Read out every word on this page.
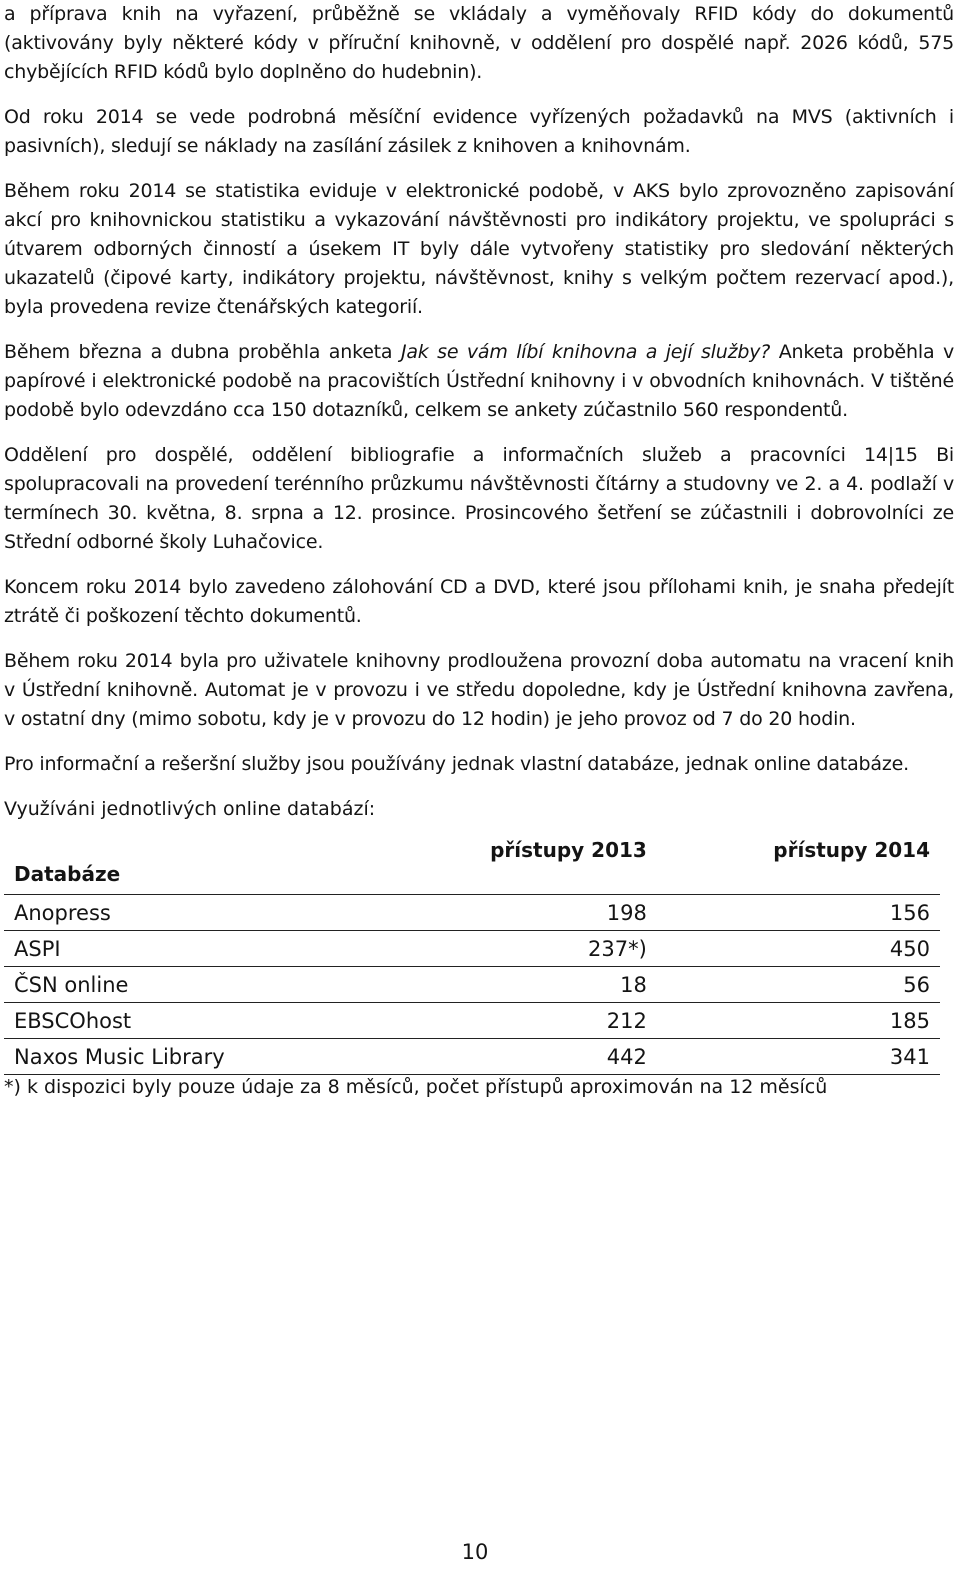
a příprava knih na vyřazení, průběžně se vkládaly a vyměňovaly RFID kódy do dokumentů (aktivovány byly některé kódy v příruční knihovně, v oddělení pro dospělé např. 2026 kódů, 575 chybějících RFID kódů bylo doplněno do hudebnin).

Od roku 2014 se vede podrobná měsíční evidence vyřízených požadavků na MVS (aktivních i pasivních), sledují se náklady na zasílání zásilek z knihoven a knihovnám.

Během roku 2014 se statistika eviduje v elektronické podobě, v AKS bylo zprovozněno zapisování akcí pro knihovnickou statistiku a vykazování návštěvnosti pro indikátory projektu, ve spolupráci s útvarem odborných činností a úsekem IT byly dále vytvořeny statistiky pro sledování některých ukazatelů (čipové karty, indikátory projektu, návštěvnost, knihy s velkým počtem rezervací apod.), byla provedena revize čtenářských kategorií.

Během března a dubna proběhla anketa Jak se vám líbí knihovna a její služby? Anketa proběhla v papírové i elektronické podobě na pracovištích Ústřední knihovny i v obvodních knihovnách. V tištěné podobě bylo odevzdáno cca 150 dotazníků, celkem se ankety zúčastnilo 560 respondentů.

Oddělení pro dospělé, oddělení bibliografie a informačních služeb a pracovníci 14|15 Bi spolupracovali na provedení terénního průzkumu návštěvnosti čítárny a studovny ve 2. a 4. podlaží v termínech 30. května, 8. srpna a 12. prosince. Prosincového šetření se zúčastnili i dobrovolníci ze Střední odborné školy Luhačovice.

Koncem roku 2014 bylo zavedeno zálohování CD a DVD, které jsou přílohami knih, je snaha předejít ztrátě či poškození těchto dokumentů.

Během roku 2014 byla pro uživatele knihovny prodloužena provozní doba automatu na vracení knih v Ústřední knihovně. Automat je v provozu i ve středu dopoledne, kdy je Ústřední knihovna zavřena, v ostatní dny (mimo sobotu, kdy je v provozu do 12 hodin) je jeho provoz od 7 do 20 hodin.

Pro informační a rešeršní služby jsou používány jednak vlastní databáze, jednak online databáze.

Využíváni jednotlivých online databází:

Databáze	přístupy 2013	přístupy 2014
Anopress	198	156
ASPI	237*)	450
ČSN online	18	56
EBSCOhost	212	185
Naxos Music Library	442	341
*) k dispozici byly pouze údaje za 8 měsíců, počet přístupů aproximován na 12 měsíců
10
